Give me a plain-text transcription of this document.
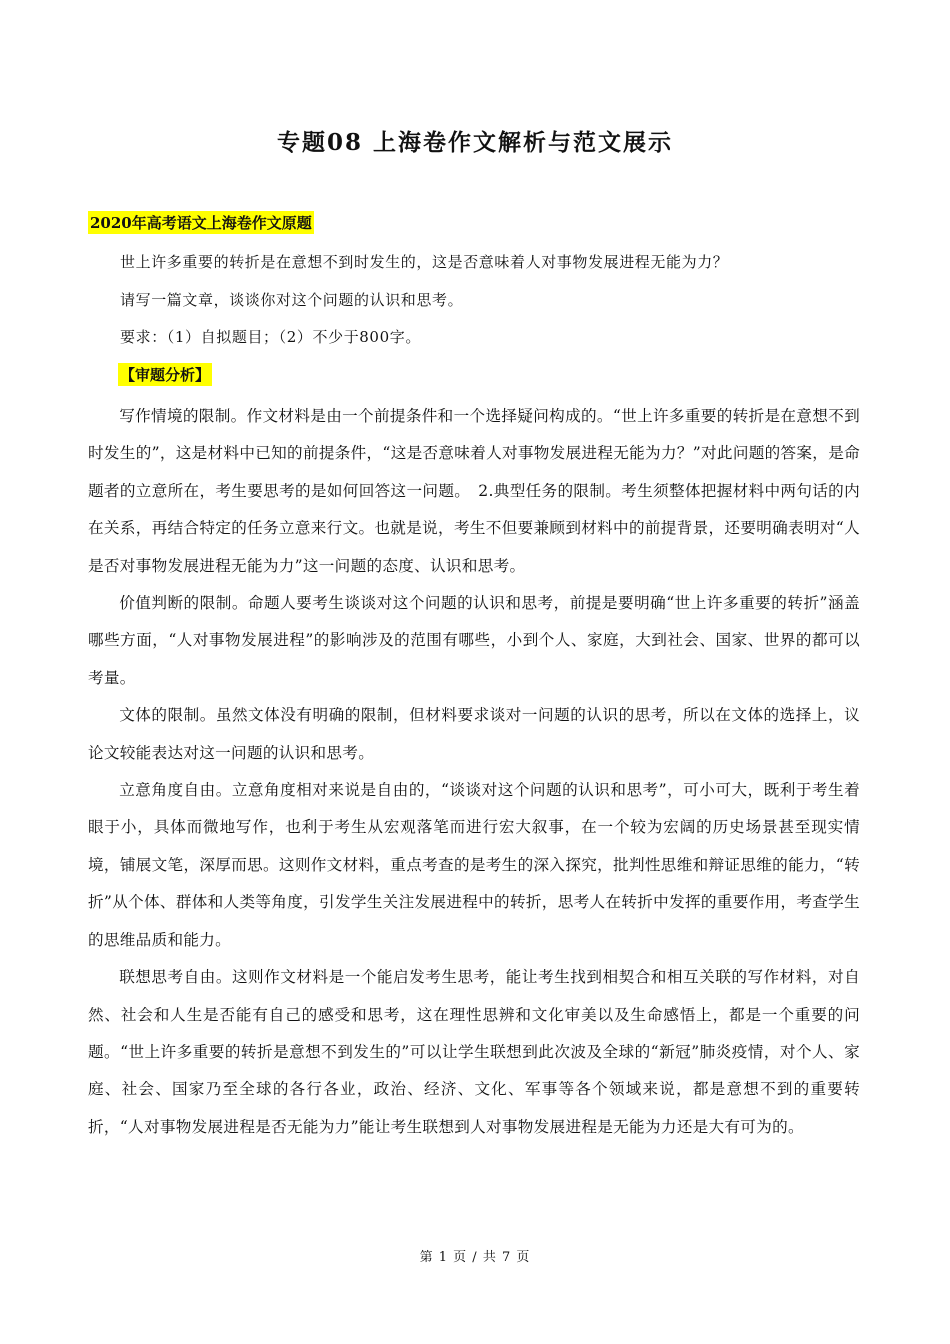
专题08 上海卷作文解析与范文展示
2020年高考语文上海卷作文原题
世上许多重要的转折是在意想不到时发生的，这是否意味着人对事物发展进程无能为力？
请写一篇文章，谈谈你对这个问题的认识和思考。
要求：（1）自拟题目；（2）不少于800字。
【审题分析】

写作情境的限制。作文材料是由一个前提条件和一个选择疑问构成的。“世上许多重要的转折是在意想不到时发生的”，这是材料中已知的前提条件，“这是否意味着人对事物发展进程无能为力？”对此问题的答案，是命题者的立意所在，考生要思考的是如何回答这一问题。　2.典型任务的限制。考生须整体把握材料中两句话的内在关系，再结合特定的任务立意来行文。也就是说，考生不但要兼顾到材料中的前提背景，还要明确表明对“人是否对事物发展进程无能为力”这一问题的态度、认识和思考。

价值判断的限制。命题人要考生谈谈对这个问题的认识和思考，前提是要明确“世上许多重要的转折”涵盖哪些方面，“人对事物发展进程”的影响涉及的范围有哪些，小到个人、家庭，大到社会、国家、世界的都可以考量。

文体的限制。虽然文体没有明确的限制，但材料要求谈对一问题的认识的思考，所以在文体的选择上，议论文较能表达对这一问题的认识和思考。

立意角度自由。立意角度相对来说是自由的，“谈谈对这个问题的认识和思考”，可小可大，既利于考生着眼于小，具体而微地写作，也利于考生从宏观落笔而进行宏大叙事，在一个较为宏阔的历史场景甚至现实情境，铺展文笔，深厚而思。这则作文材料，重点考查的是考生的深入探究，批判性思维和辩证思维的能力，“转折”从个体、群体和人类等角度，引发学生关注发展进程中的转折，思考人在转折中发挥的重要作用，考查学生的思维品质和能力。

联想思考自由。这则作文材料是一个能启发考生思考，能让考生找到相契合和相互关联的写作材料，对自然、社会和人生是否能有自己的感受和思考，这在理性思辨和文化审美以及生命感悟上，都是一个重要的问题。“世上许多重要的转折是意想不到发生的”可以让学生联想到此次波及全球的“新冠”肺炎疫情，对个人、家庭、社会、国家乃至全球的各行各业，政治、经济、文化、军事等各个领域来说，都是意想不到的重要转折，“人对事物发展进程是否无能为力”能让考生联想到人对事物发展进程是无能为力还是大有可为的。

第 1 页 / 共 7 页
